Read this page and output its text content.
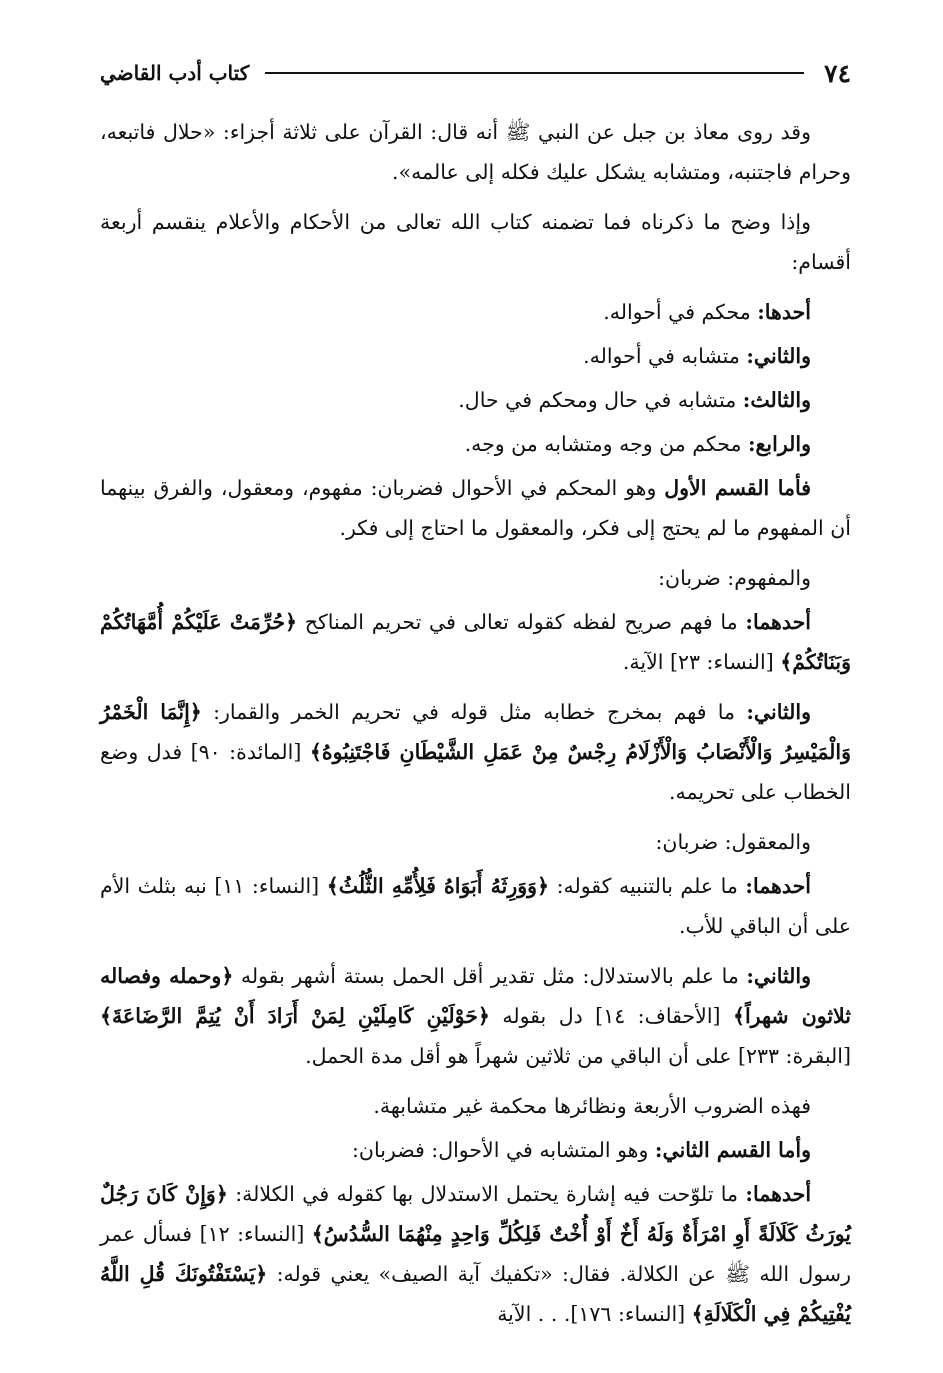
٧٤
كتاب أدب القاضي

وقد روى معاذ بن جبل عن النبي ﷺ أنه قال: القرآن على ثلاثة أجزاء: «حلال فاتبعه، وحرام فاجتنبه، ومتشابه يشكل عليك فكله إلى عالمه».

وإذا وضح ما ذكرناه فما تضمنه كتاب الله تعالى من الأحكام والأعلام ينقسم أربعة أقسام:

أحدها: محكم في أحواله.

والثاني: متشابه في أحواله.

والثالث: متشابه في حال ومحكم في حال.

والرابع: محكم من وجه ومتشابه من وجه.

فأما القسم الأول وهو المحكم في الأحوال فضربان: مفهوم، ومعقول، والفرق بينهما أن المفهوم ما لم يحتج إلى فكر، والمعقول ما احتاج إلى فكر.

والمفهوم: ضربان:

أحدهما: ما فهم صريح لفظه كقوله تعالى في تحريم المناكح ﴿حُرِّمَتْ عَلَيْكُمْ أُمَّهَاتُكُمْ وَبَنَاتُكُمْ﴾ [النساء: ٢٣] الآية.

والثاني: ما فهم بمخرج خطابه مثل قوله في تحريم الخمر والقمار: ﴿إِنَّمَا الْخَمْرُ وَالْمَيْسِرُ وَالْأَنْصَابُ وَالْأَزْلَامُ رِجْسٌ مِنْ عَمَلِ الشَّيْطَانِ فَاجْتَنِبُوهُ﴾ [المائدة: ٩٠] فدل وضع الخطاب على تحريمه.

والمعقول: ضربان:

أحدهما: ما علم بالتنبيه كقوله: ﴿وَوَرِثَهُ أَبَوَاهُ فَلِأُمِّهِ الثُّلُثُ﴾ [النساء: ١١] نبه بثلث الأم على أن الباقي للأب.

والثاني: ما علم بالاستدلال: مثل تقدير أقل الحمل بستة أشهر بقوله ﴿وحمله وفصاله ثلاثون شهراً﴾ [الأحقاف: ١٤] دل بقوله ﴿حَوْلَيْنِ كَامِلَيْنِ لِمَنْ أَرَادَ أَنْ يُتِمَّ الرَّضَاعَةَ﴾ [البقرة: ٢٣٣] على أن الباقي من ثلاثين شهراً هو أقل مدة الحمل.

فهذه الضروب الأربعة ونظائرها محكمة غير متشابهة.

وأما القسم الثاني: وهو المتشابه في الأحوال: فضربان:

أحدهما: ما تلوّحت فيه إشارة يحتمل الاستدلال بها كقوله في الكلالة: ﴿وَإِنْ كَانَ رَجُلٌ يُورَثُ كَلَالَةً أَوِ امْرَأَةٌ وَلَهُ أَخٌ أَوْ أُخْتٌ فَلِكُلِّ وَاحِدٍ مِنْهُمَا السُّدُسُ﴾ [النساء: ١٢] فسأل عمر رسول الله ﷺ عن الكلالة. فقال: «تكفيك آية الصيف» يعني قوله: ﴿يَسْتَفْتُونَكَ قُلِ اللَّهُ يُفْتِيكُمْ فِي الْكَلَالَةِ﴾ [النساء: ١٧٦]. . . الآية
